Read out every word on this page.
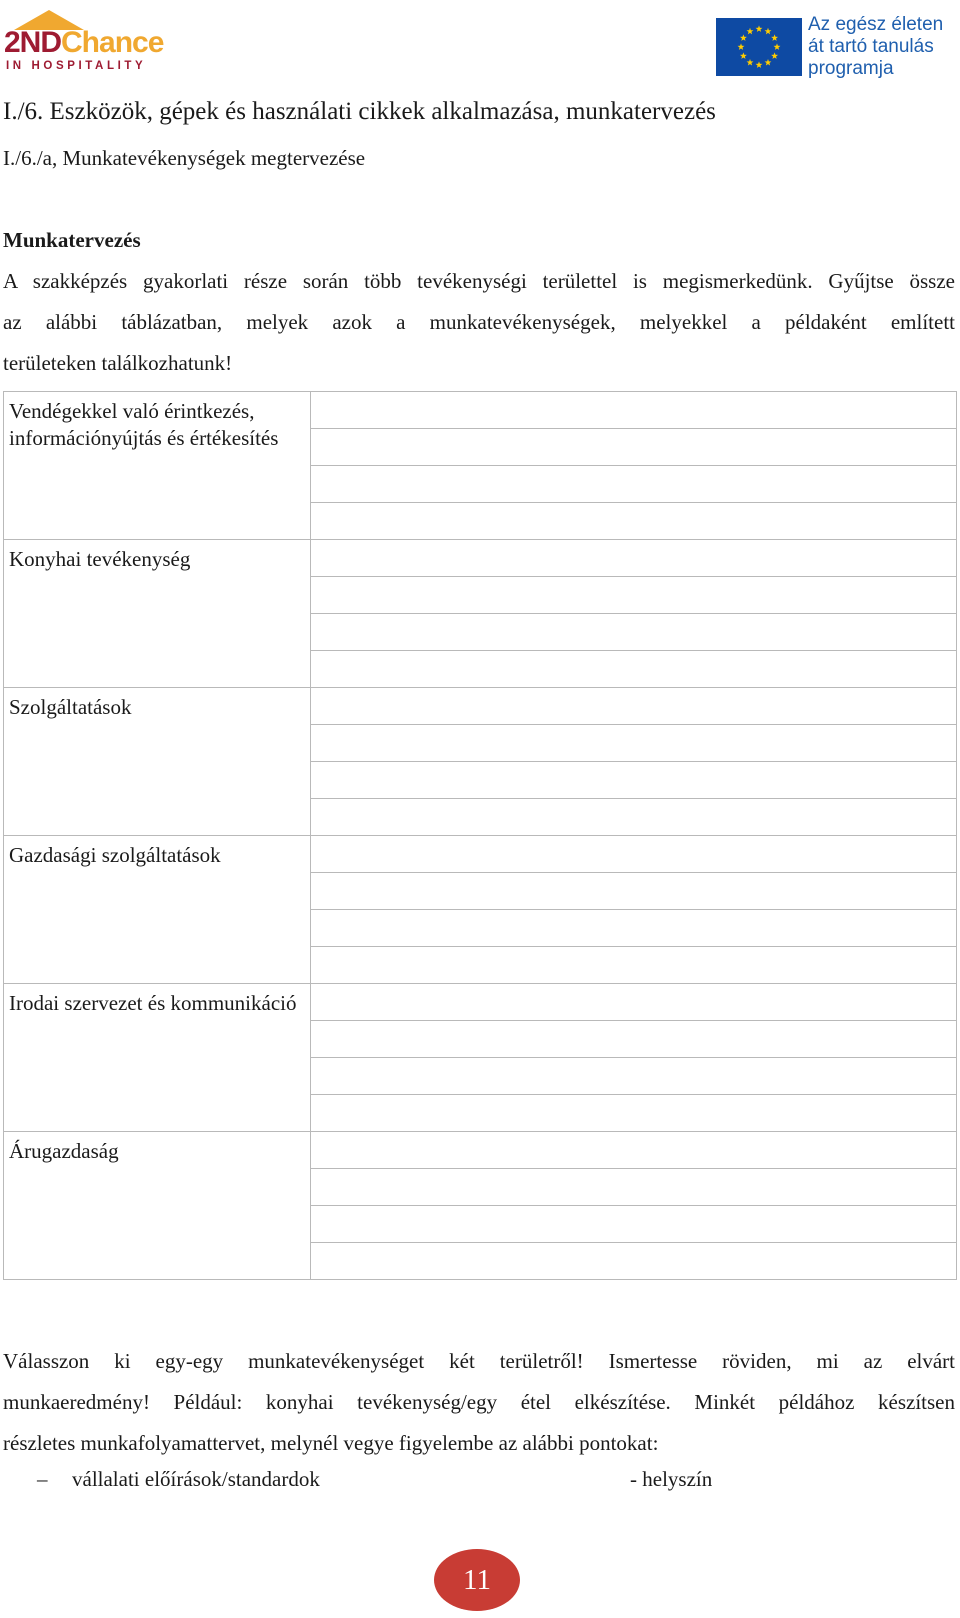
2NDChance
IN HOSPITALITY
Az egész életen
át tartó tanulás
programja
I./6. Eszközök, gépek és használati cikkek alkalmazása, munkatervezés
I./6./a, Munkatevékenységek megtervezése
Munkatervezés
A szakképzés gyakorlati része során több tevékenységi területtel is megismerkedünk. Gyűjtse össze
az alábbi táblázatban, melyek azok a munkatevékenységek, melyekkel a példaként említett
területeken találkozhatunk!
Vendégekkel való érintkezés, információnyújtás és értékesítés	

Konyhai tevékenység	

Szolgáltatások	

Gazdasági szolgáltatások	

Irodai szervezet és kommunikáció	

Árugazdaság	

Válasszon ki egy-egy munkatevékenységet két területről! Ismertesse röviden, mi az elvárt
munkaeredmény! Például: konyhai tevékenység/egy étel elkészítése. Minkét példához készítsen
részletes munkafolyamattervet, melynél vegye figyelembe az alábbi pontokat:
– vállalati előírások/standardok	- helyszín
11
